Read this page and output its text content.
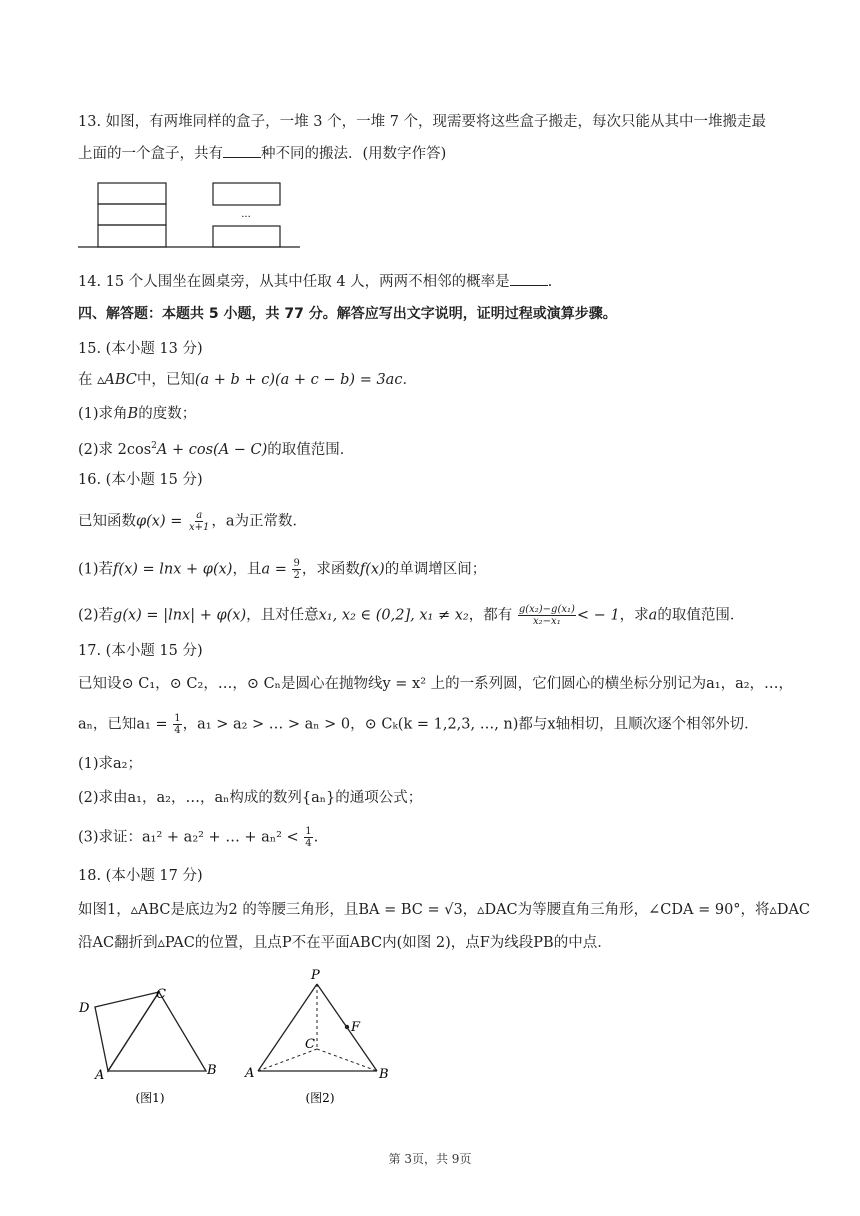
13. 如图，有两堆同样的盒子，一堆 3 个，一堆 7 个，现需要将这些盒子搬走，每次只能从其中一堆搬走最
上面的一个盒子，共有	种不同的搬法．(用数字作答)
...
14. 15 个人围坐在圆桌旁，从其中任取 4 人，两两不相邻的概率是	.
四、解答题：本题共 5 小题，共 77 分。解答应写出文字说明，证明过程或演算步骤。
15. (本小题 13 分)
在 ▵ABC中，已知(a + b + c)(a + c − b) = 3ac．
(1)求角B的度数；
(2)求 $2\cos^2A + \cos(A - C)$的取值范围．
16. (本小题 15 分)
已知函数$\varphi(x) = \frac{a}{x+1}$ ，a为正常数．
(1)若f(x) = lnx + φ(x)，且$a = \frac{9}{2}$ ，求函数f(x)的单调增区间；
(2)若g(x) = |lnx| + φ(x)，且对任意x₁, x₂ ∈ (0,2], x₁ ≠ x₂，都有 $\frac{\text{g(x₂)−g(x₁)}}{\text{x₂−x₁}}$ < − 1，求a的取值范围．
17. (本小题 15 分)
已知设⊙ C₁，⊙ C₂，…，⊙ Cₙ是圆心在抛物线y = x² 上的一系列圆，它们圆心的横坐标分别记为a₁，a₂，…，
aₙ，已知$a_1 = \frac{1}{4}$ ，a₁ > a₂ > … > aₙ > 0，⊙ Cₖ(k = 1,2,3, …, n)都与x轴相切，且顺次逐个相邻外切．
(1)求a₂；
(2)求由a₁，a₂，…，aₙ构成的数列{aₙ}的通项公式；
(3)求证：a₁² + a₂² + … + $a_n^2 < \frac{1}{4}$ .
18. (本小题 17 分)
如图1，▵ABC是底边为2 的等腰三角形，且BA = BC = √3，▵DAC为等腰直角三角形，∠CDA = 90°，将▵DAC
沿AC翻折到▵PAC的位置，且点P不在平面ABC内(如图 2)，点F为线段PB的中点．
D
C
A	B
(图1)
P
F
C
A	B
(图2)
第 3页，共 9页
